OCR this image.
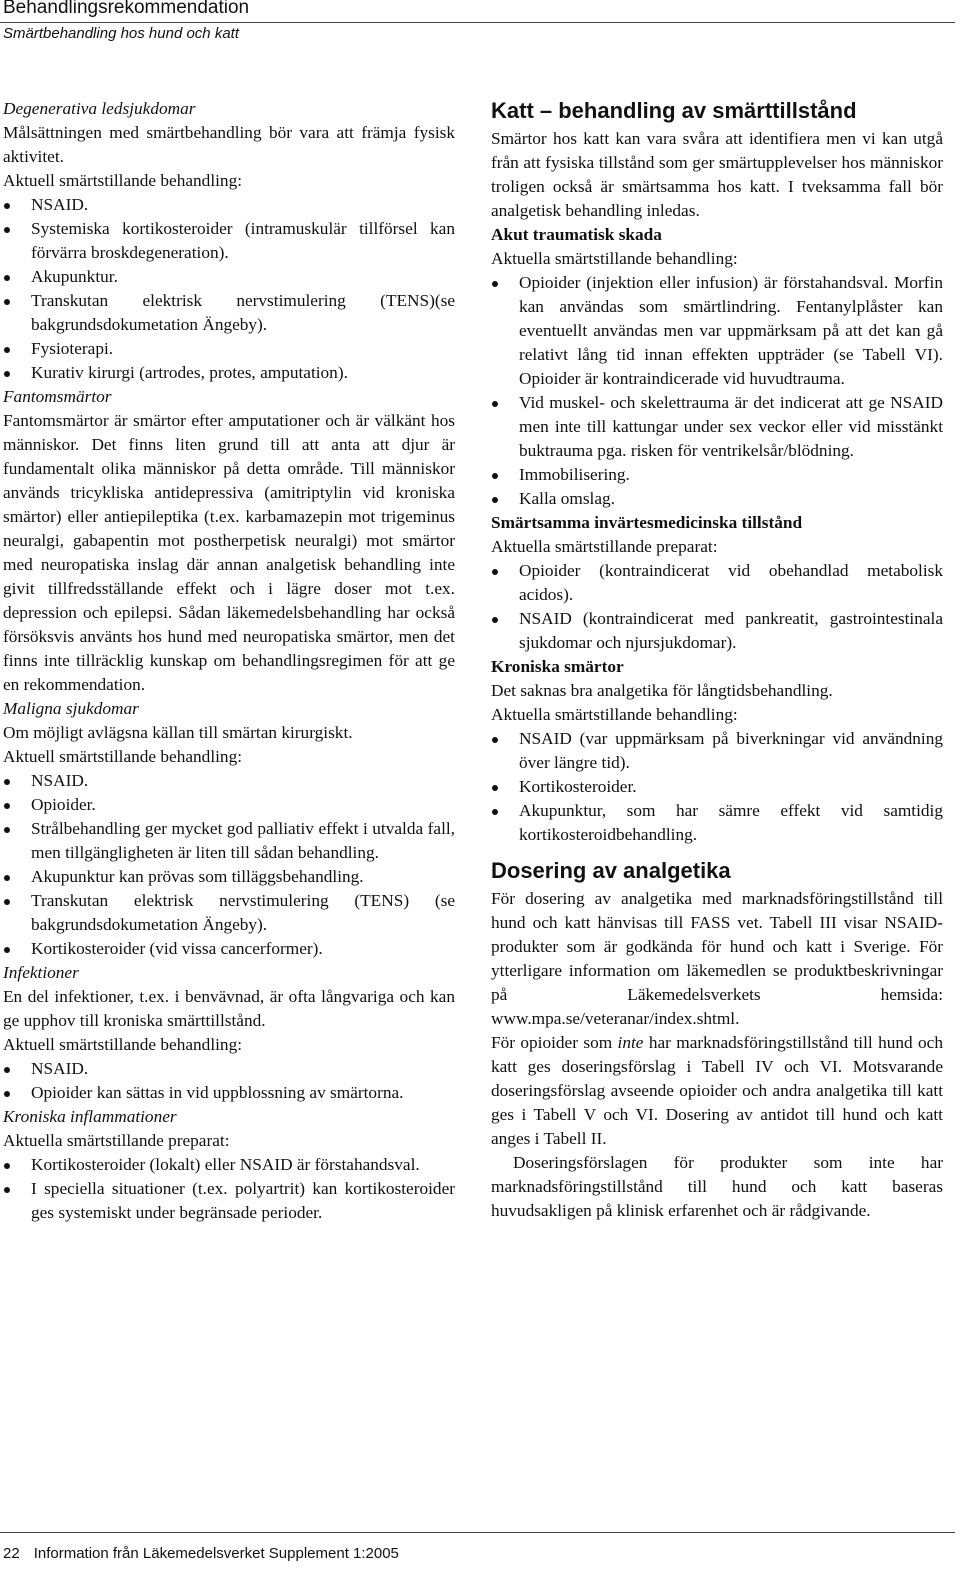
Behandlingsrekommendation
Smärtbehandling hos hund och katt

Degenerativa ledsjukdomar

Målsättningen med smärtbehandling bör vara att främja fysisk aktivitet.

Aktuell smärtstillande behandling:

NSAID.
Systemiska kortikosteroider (intramuskulär tillförsel kan förvärra broskdegeneration).
Akupunktur.
Transkutan elektrisk nervstimulering (TENS)(se bakgrundsdokumetation Ängeby).
Fysioterapi.
Kurativ kirurgi (artrodes, protes, amputation).

Fantomsmärtor

Fantomsmärtor är smärtor efter amputationer och är välkänt hos människor. Det finns liten grund till att anta att djur är fundamentalt olika människor på detta område. Till människor används tricykliska antidepressiva (amitriptylin vid kroniska smärtor) eller antiepileptika (t.ex. karbamazepin mot trigeminus neuralgi, gabapentin mot postherpetisk neuralgi) mot smärtor med neuropatiska inslag där annan analgetisk behandling inte givit tillfredsställande effekt och i lägre doser mot t.ex. depression och epilepsi. Sådan läkemedelsbehandling har också försöksvis använts hos hund med neuropatiska smärtor, men det finns inte tillräcklig kunskap om behandlingsregimen för att ge en rekommendation.

Maligna sjukdomar

Om möjligt avlägsna källan till smärtan kirurgiskt.

Aktuell smärtstillande behandling:

NSAID.
Opioider.
Strålbehandling ger mycket god palliativ effekt i utvalda fall, men tillgängligheten är liten till sådan behandling.
Akupunktur kan prövas som tilläggsbehandling.
Transkutan elektrisk nervstimulering (TENS) (se bakgrundsdokumetation Ängeby).
Kortikosteroider (vid vissa cancerformer).

Infektioner

En del infektioner, t.ex. i benvävnad, är ofta långvariga och kan ge upphov till kroniska smärttillstånd.

Aktuell smärtstillande behandling:

NSAID.
Opioider kan sättas in vid uppblossning av smärtorna.

Kroniska inflammationer

Aktuella smärtstillande preparat:

Kortikosteroider (lokalt) eller NSAID är förstahandsval.
I speciella situationer (t.ex. polyartrit) kan kortikosteroider ges systemiskt under begränsade perioder.

Katt – behandling av smärttillstånd

Smärtor hos katt kan vara svåra att identifiera men vi kan utgå från att fysiska tillstånd som ger smärtupplevelser hos människor troligen också är smärtsamma hos katt. I tveksamma fall bör analgetisk behandling inledas.

Akut traumatisk skada

Aktuella smärtstillande behandling:

Opioider (injektion eller infusion) är förstahandsval. Morfin kan användas som smärtlindring. Fentanylplåster kan eventuellt användas men var uppmärksam på att det kan gå relativt lång tid innan effekten uppträder (se Tabell VI). Opioider är kontraindicerade vid huvudtrauma.
Vid muskel- och skelettrauma är det indicerat att ge NSAID men inte till kattungar under sex veckor eller vid misstänkt buktrauma pga. risken för ventrikelsår/blödning.
Immobilisering.
Kalla omslag.

Smärtsamma invärtesmedicinska tillstånd

Aktuella smärtstillande preparat:

Opioider (kontraindicerat vid obehandlad metabolisk acidos).
NSAID (kontraindicerat med pankreatit, gastrointestinala sjukdomar och njursjukdomar).

Kroniska smärtor

Det saknas bra analgetika för långtidsbehandling.

Aktuella smärtstillande behandling:

NSAID (var uppmärksam på biverkningar vid användning över längre tid).
Kortikosteroider.
Akupunktur, som har sämre effekt vid samtidig kortikosteroidbehandling.

Dosering av analgetika

För dosering av analgetika med marknadsföringstillstånd till hund och katt hänvisas till FASS vet. Tabell III visar NSAID-produkter som är godkända för hund och katt i Sverige. För ytterligare information om läkemedlen se produktbeskrivningar på Läkemedelsverkets hemsida: www.mpa.se/veteranar/index.shtml.

För opioider som inte har marknadsföringstillstånd till hund och katt ges doseringsförslag i Tabell IV och VI. Motsvarande doseringsförslag avseende opioider och andra analgetika till katt ges i Tabell V och VI. Dosering av antidot till hund och katt anges i Tabell II.

Doseringsförslagen för produkter som inte har marknadsföringstillstånd till hund och katt baseras huvudsakligen på klinisk erfarenhet och är rådgivande.

22 Information från Läkemedelsverket Supplement 1:2005
